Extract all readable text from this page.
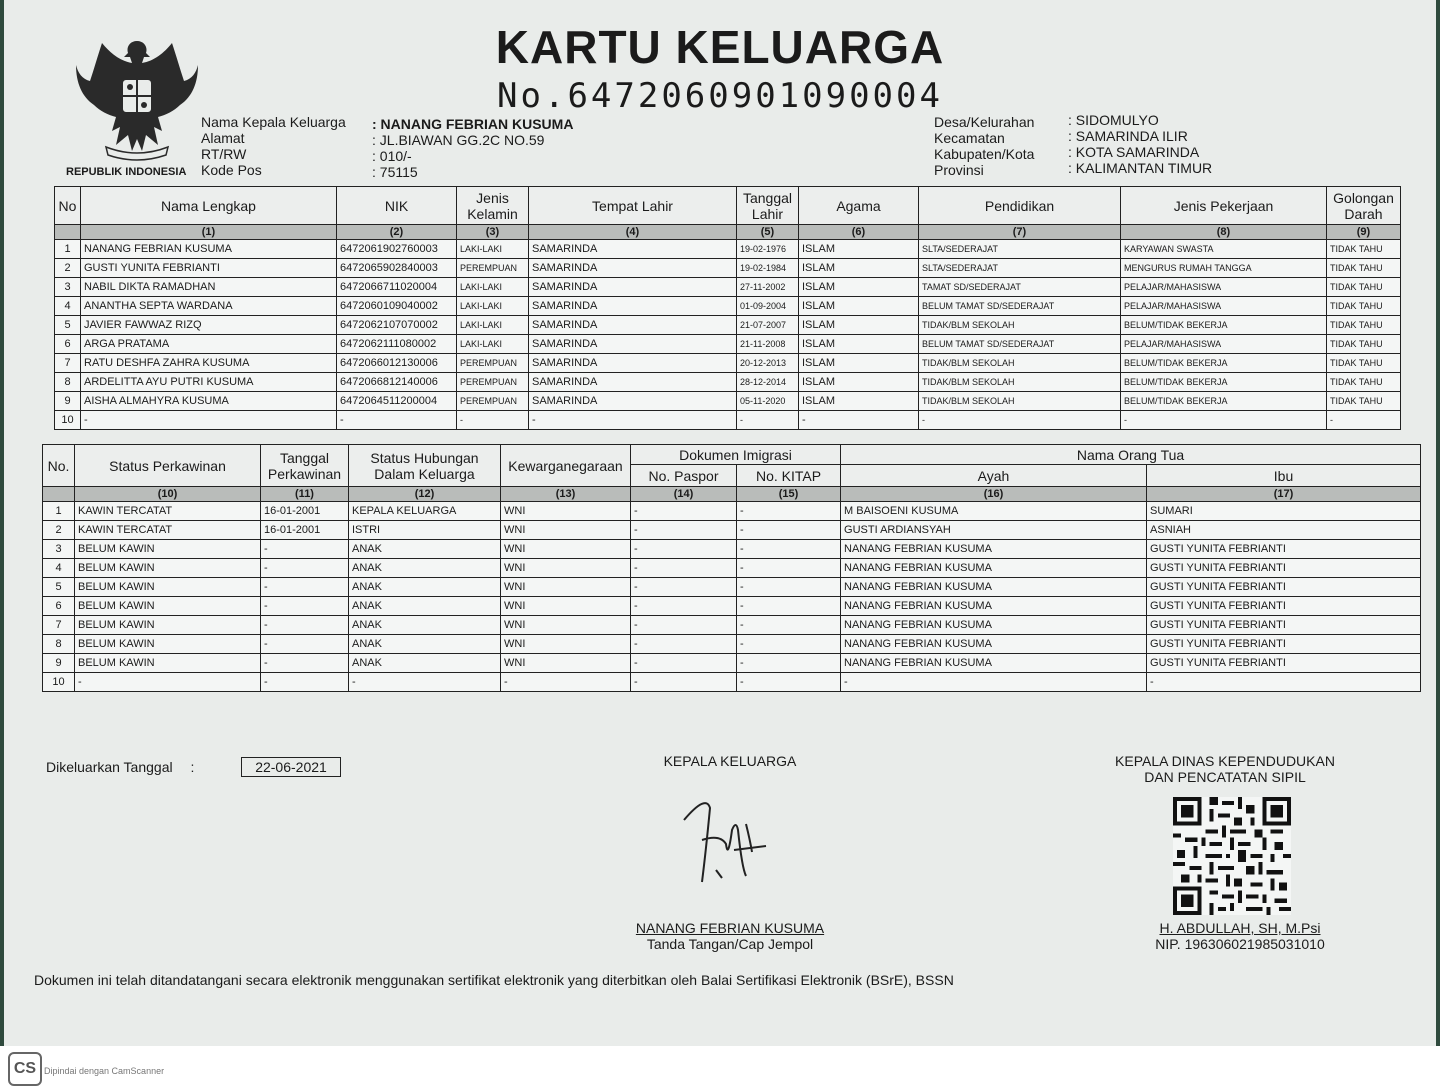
CS Dipindai dengan CamScanner
REPUBLIK INDONESIA
KARTU KELUARGA
No.6472060901090004
Nama Kepala Keluarga
Alamat
RT/RW
Kode Pos
: NANANG FEBRIAN KUSUMA
: JL.BIAWAN GG.2C NO.59
: 010/-
: 75115
Desa/Kelurahan
Kecamatan
Kabupaten/Kota
Provinsi
: SIDOMULYO
: SAMARINDA ILIR
: KOTA SAMARINDA
: KALIMANTAN TIMUR
No	Nama Lengkap	NIK	Jenis Kelamin	Tempat Lahir	Tanggal Lahir	Agama	Pendidikan	Jenis Pekerjaan	Golongan Darah
	(1)	(2)	(3)	(4)	(5)	(6)	(7)	(8)	(9)
1	NANANG FEBRIAN KUSUMA	6472061902760003	LAKI-LAKI	SAMARINDA	19-02-1976	ISLAM	SLTA/SEDERAJAT	KARYAWAN SWASTA	TIDAK TAHU
2	GUSTI YUNITA FEBRIANTI	6472065902840003	PEREMPUAN	SAMARINDA	19-02-1984	ISLAM	SLTA/SEDERAJAT	MENGURUS RUMAH TANGGA	TIDAK TAHU
3	NABIL DIKTA RAMADHAN	6472066711020004	LAKI-LAKI	SAMARINDA	27-11-2002	ISLAM	TAMAT SD/SEDERAJAT	PELAJAR/MAHASISWA	TIDAK TAHU
4	ANANTHA SEPTA WARDANA	6472060109040002	LAKI-LAKI	SAMARINDA	01-09-2004	ISLAM	BELUM TAMAT SD/SEDERAJAT	PELAJAR/MAHASISWA	TIDAK TAHU
5	JAVIER FAWWAZ RIZQ	6472062107070002	LAKI-LAKI	SAMARINDA	21-07-2007	ISLAM	TIDAK/BLM SEKOLAH	BELUM/TIDAK BEKERJA	TIDAK TAHU
6	ARGA PRATAMA	6472062111080002	LAKI-LAKI	SAMARINDA	21-11-2008	ISLAM	BELUM TAMAT SD/SEDERAJAT	PELAJAR/MAHASISWA	TIDAK TAHU
7	RATU DESHFA ZAHRA KUSUMA	6472066012130006	PEREMPUAN	SAMARINDA	20-12-2013	ISLAM	TIDAK/BLM SEKOLAH	BELUM/TIDAK BEKERJA	TIDAK TAHU
8	ARDELITTA AYU PUTRI KUSUMA	6472066812140006	PEREMPUAN	SAMARINDA	28-12-2014	ISLAM	TIDAK/BLM SEKOLAH	BELUM/TIDAK BEKERJA	TIDAK TAHU
9	AISHA ALMAHYRA KUSUMA	6472064511200004	PEREMPUAN	SAMARINDA	05-11-2020	ISLAM	TIDAK/BLM SEKOLAH	BELUM/TIDAK BEKERJA	TIDAK TAHU
10	-	-	-	-	-	-	-	-	-
No.	Status Perkawinan	Tanggal Perkawinan	Status Hubungan Dalam Keluarga	Kewarganegaraan	Dokumen Imigrasi		Nama Orang Tua	
					No. Paspor	No. KITAP	Ayah	Ibu
	(10)	(11)	(12)	(13)	(14)	(15)	(16)	(17)
1	KAWIN TERCATAT	16-01-2001	KEPALA KELUARGA	WNI	-	-	M BAISOENI KUSUMA	SUMARI
2	KAWIN TERCATAT	16-01-2001	ISTRI	WNI	-	-	GUSTI ARDIANSYAH	ASNIAH
3	BELUM KAWIN	-	ANAK	WNI	-	-	NANANG FEBRIAN KUSUMA	GUSTI YUNITA FEBRIANTI
4	BELUM KAWIN	-	ANAK	WNI	-	-	NANANG FEBRIAN KUSUMA	GUSTI YUNITA FEBRIANTI
5	BELUM KAWIN	-	ANAK	WNI	-	-	NANANG FEBRIAN KUSUMA	GUSTI YUNITA FEBRIANTI
6	BELUM KAWIN	-	ANAK	WNI	-	-	NANANG FEBRIAN KUSUMA	GUSTI YUNITA FEBRIANTI
7	BELUM KAWIN	-	ANAK	WNI	-	-	NANANG FEBRIAN KUSUMA	GUSTI YUNITA FEBRIANTI
8	BELUM KAWIN	-	ANAK	WNI	-	-	NANANG FEBRIAN KUSUMA	GUSTI YUNITA FEBRIANTI
9	BELUM KAWIN	-	ANAK	WNI	-	-	NANANG FEBRIAN KUSUMA	GUSTI YUNITA FEBRIANTI
10	-	-	-	-	-	-	-	-
Dikeluarkan Tanggal :	22-06-2021	KEPALA KELUARGA
NANANG FEBRIAN KUSUMA
Tanda Tangan/Cap Jempol
KEPALA DINAS KEPENDUDUKAN
DAN PENCATATAN SIPIL
H. ABDULLAH, SH, M.Psi
NIP. 196306021985031010
Dokumen ini telah ditandatangani secara elektronik menggunakan sertifikat elektronik yang diterbitkan oleh Balai Sertifikasi Elektronik (BSrE), BSSN
